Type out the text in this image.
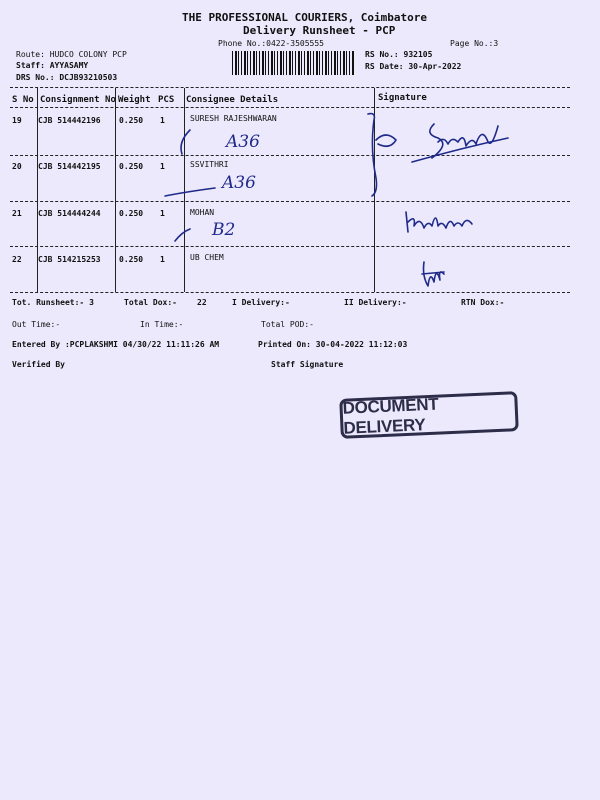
THE PROFESSIONAL COURIERS, Coimbatore
Delivery Runsheet - PCP
Phone No.:0422-3505555	Page No.:3
Route: HUDCO COLONY PCP
Staff: AYYASAMY
DRS No.: DCJB93210503
RS No.: 932105
RS Date: 30-Apr-2022
S No Consignment No Weight PCS Consignee Details	Signature
19 CJB 514442196 0.250 1	SURESH RAJESHWARAN
20 CJB 514442195 0.250 1	SSVITHRI
21 CJB 514444244 0.250 1	MOHAN
22 CJB 514215253 0.250 1	UB CHEM
A36
A36
B2
Tot. Runsheet:- 3	Total Dox:-	22	I Delivery:-	II Delivery:-	RTN Dox:-
Out Time:-	In Time:-	Total POD:-
Entered By :PCPLAKSHMI 04/30/22 11:11:26 AM	Printed On: 30-04-2022 11:12:03
Verified By	Staff Signature
DOCUMENT DELIVERY
